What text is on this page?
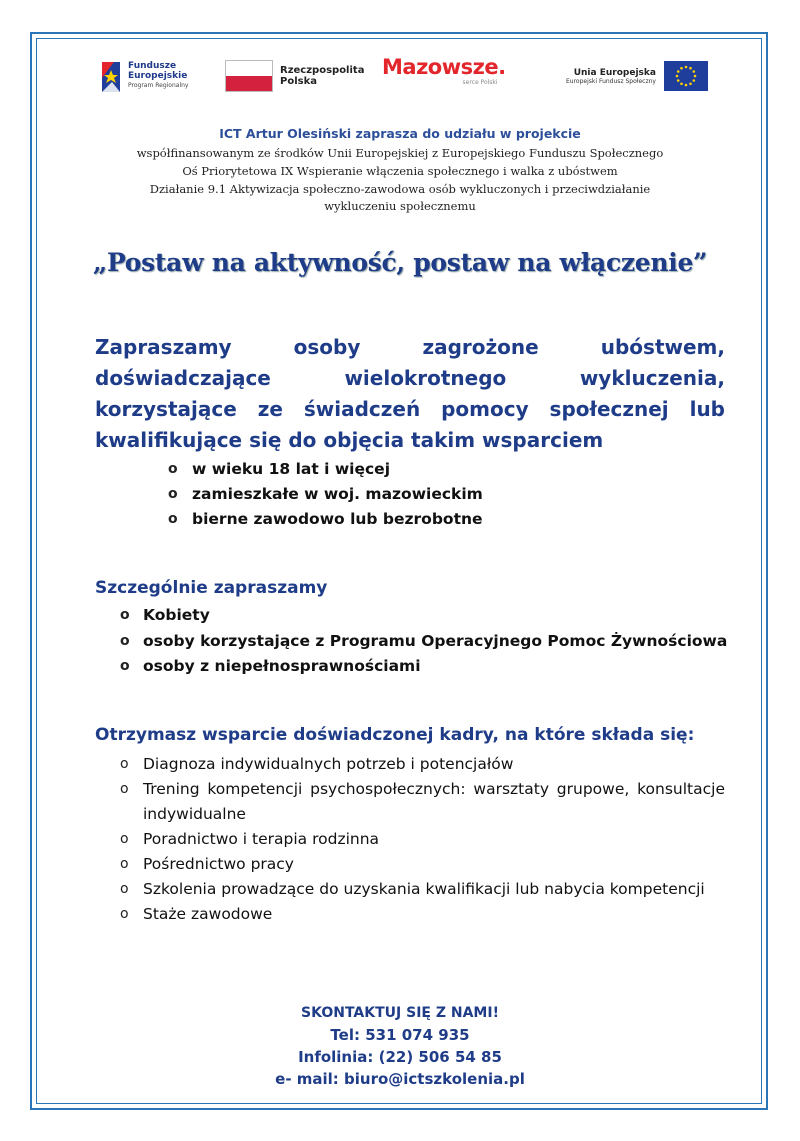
Fundusze
Europejskie
Program Regionalny
Rzeczpospolita
Polska
Mazowsze.
serce Polski
Unia Europejska
Europejski Fundusz Społeczny
ICT Artur Olesiński zaprasza do udziału w projekcie
współfinansowanym ze środków Unii Europejskiej z Europejskiego Funduszu Społecznego
Oś Priorytetowa IX Wspieranie włączenia społecznego i walka z ubóstwem
Działanie 9.1 Aktywizacja społeczno-zawodowa osób wykluczonych i przeciwdziałanie wykluczeniu społecznemu
„Postaw na aktywność, postaw na włączenie”
Zapraszamy osoby zagrożone ubóstwem, doświadczające wielokrotnego wykluczenia, korzystające ze świadczeń pomocy społecznej lub kwalifikujące się do objęcia takim wsparciem
o w wieku 18 lat i więcej
o zamieszkałe w woj. mazowieckim
o bierne zawodowo lub bezrobotne
Szczególnie zapraszamy
o Kobiety
o osoby korzystające z Programu Operacyjnego Pomoc Żywnościowa
o osoby z niepełnosprawnościami
Otrzymasz wsparcie doświadczonej kadry, na które składa się:
o Diagnoza indywidualnych potrzeb i potencjałów
o Trening kompetencji psychospołecznych: warsztaty grupowe, konsultacje indywidualne
o Poradnictwo i terapia rodzinna
o Pośrednictwo pracy
o Szkolenia prowadzące do uzyskania kwalifikacji lub nabycia kompetencji
o Staże zawodowe
SKONTAKTUJ SIĘ Z NAMI!
Tel: 531 074 935
Infolinia: (22) 506 54 85
e- mail: biuro@ictszkolenia.pl
